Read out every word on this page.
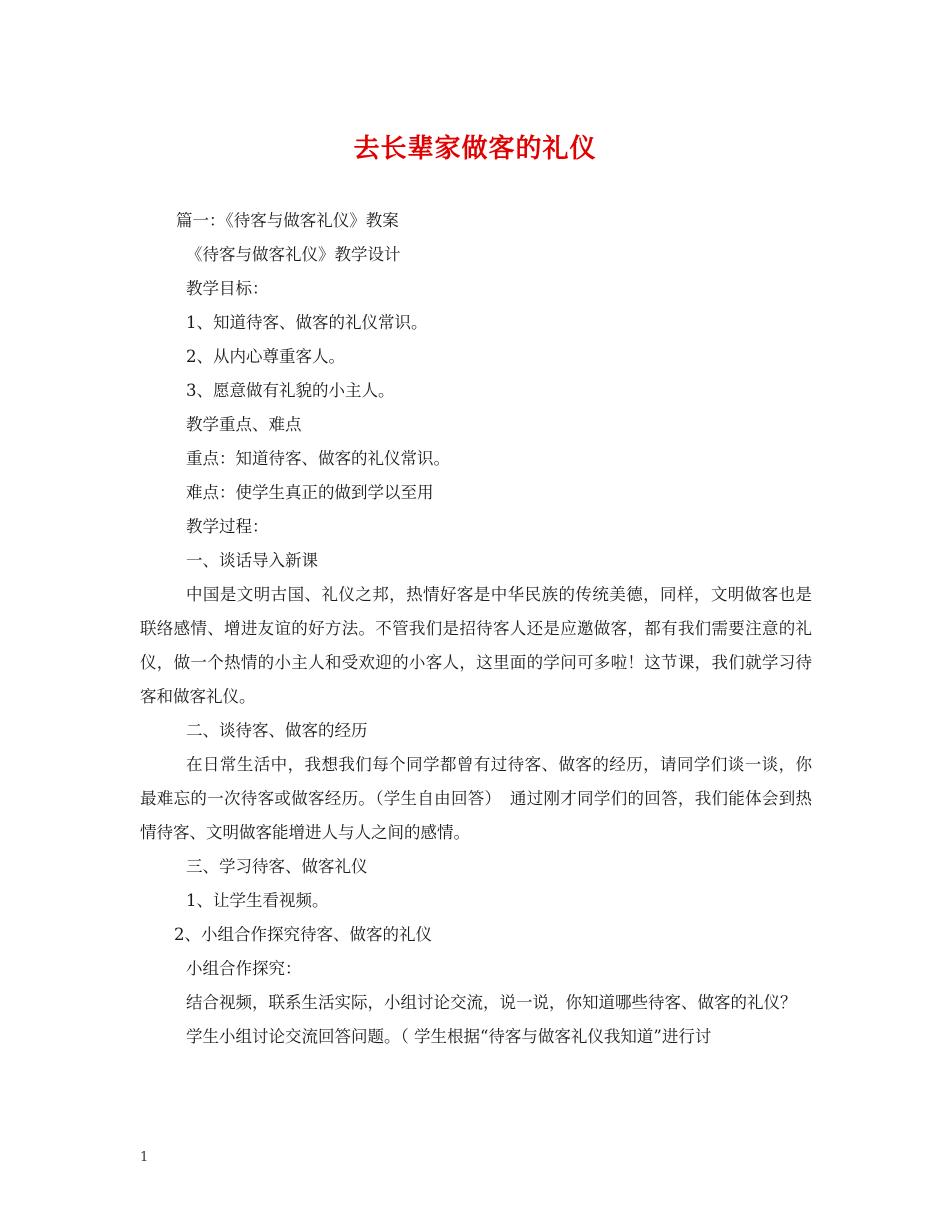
去长辈家做客的礼仪

篇一：《待客与做客礼仪》教案

《待客与做客礼仪》教学设计

教学目标：

1、知道待客、做客的礼仪常识。

2、从内心尊重客人。

3、愿意做有礼貌的小主人。

教学重点、难点

重点：知道待客、做客的礼仪常识。

难点：使学生真正的做到学以至用

教学过程：

一、谈话导入新课

中国是文明古国、礼仪之邦，热情好客是中华民族的传统美德，同样，文明做客也是联络感情、增进友谊的好方法。不管我们是招待客人还是应邀做客，都有我们需要注意的礼仪，做一个热情的小主人和受欢迎的小客人，这里面的学问可多啦！这节课，我们就学习待客和做客礼仪。

二、谈待客、做客的经历

在日常生活中，我想我们每个同学都曾有过待客、做客的经历，请同学们谈一谈，你最难忘的一次待客或做客经历。（学生自由回答）　通过刚才同学们的回答，我们能体会到热情待客、文明做客能增进人与人之间的感情。

三、学习待客、做客礼仪

1、让学生看视频。

2、小组合作探究待客、做客的礼仪

小组合作探究：

结合视频，联系生活实际，小组讨论交流，说一说，你知道哪些待客、做客的礼仪？

学生小组讨论交流回答问题。（ 学生根据“待客与做客礼仪我知道”进行讨

1
